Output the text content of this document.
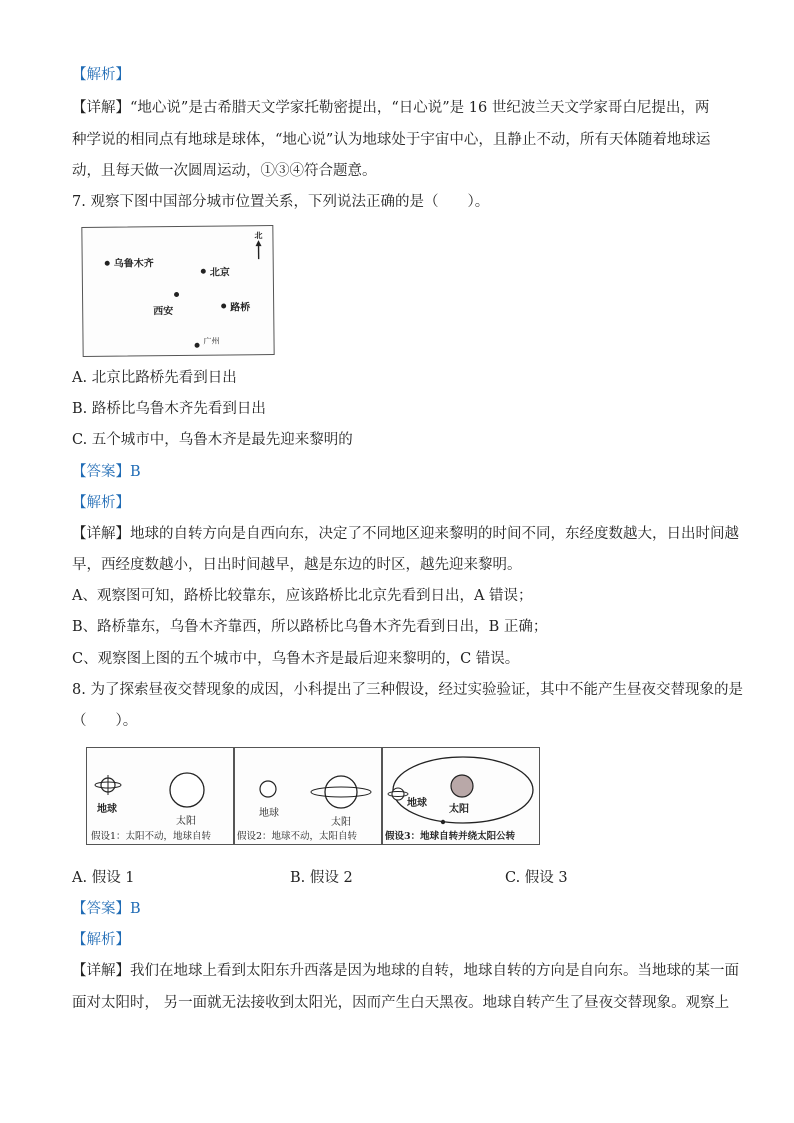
【解析】
【详解】“地心说”是古希腊天文学家托勒密提出，“日心说”是 16 世纪波兰天文学家哥白尼提出，两
种学说的相同点有地球是球体，“地心说”认为地球处于宇宙中心，且静止不动，所有天体随着地球运
动，且每天做一次圆周运动，①③④符合题意。
7. 观察下图中国部分城市位置关系，下列说法正确的是（　　）。
北
乌鲁木齐
北京
西安	路桥
广州
A. 北京比路桥先看到日出
B. 路桥比乌鲁木齐先看到日出
C. 五个城市中，乌鲁木齐是最先迎来黎明的
【答案】B
【解析】
【详解】地球的自转方向是自西向东，决定了不同地区迎来黎明的时间不同，东经度数越大，日出时间越
早，西经度数越小，日出时间越早，越是东边的时区，越先迎来黎明。
A、观察图可知，路桥比较靠东，应该路桥比北京先看到日出，A 错误；
B、路桥靠东，乌鲁木齐靠西，所以路桥比乌鲁木齐先看到日出，B 正确；
C、观察图上图的五个城市中，乌鲁木齐是最后迎来黎明的，C 错误。
8. 为了探索昼夜交替现象的成因，小科提出了三种假设，经过实验验证，其中不能产生昼夜交替现象的是
（　　）。
地球
太阳
地球
太阳
地球
太阳
假设1：太阳不动，地球自转	假设2：地球不动，太阳自转	假设3：地球自转并绕太阳公转
A. 假设 1	B. 假设 2	C. 假设 3
【答案】B
【解析】
【详解】我们在地球上看到太阳东升西落是因为地球的自转，地球自转的方向是自向东。当地球的某一面
面对太阳时， 另一面就无法接收到太阳光，因而产生白天黑夜。地球自转产生了昼夜交替现象。观察上
